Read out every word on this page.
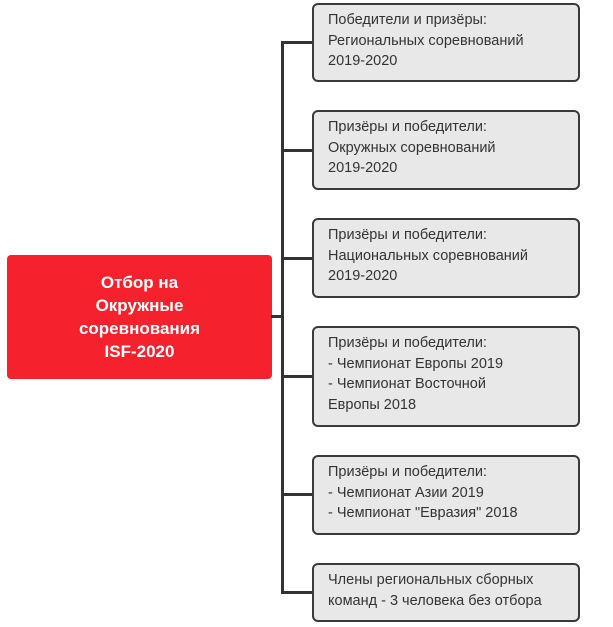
Отбор на
Окружные
соревнования
ISF-2020
Победители и призёры:
Региональных соревнований
2019-2020
Призёры и победители:
Окружных соревнований
2019-2020
Призёры и победители:
Национальных соревнований
2019-2020
Призёры и победители:
- Чемпионат Европы 2019
- Чемпионат Восточной
Европы 2018
Призёры и победители:
- Чемпионат Азии 2019
- Чемпионат "Евразия" 2018
Члены региональных сборных
команд - 3 человека без отбора
